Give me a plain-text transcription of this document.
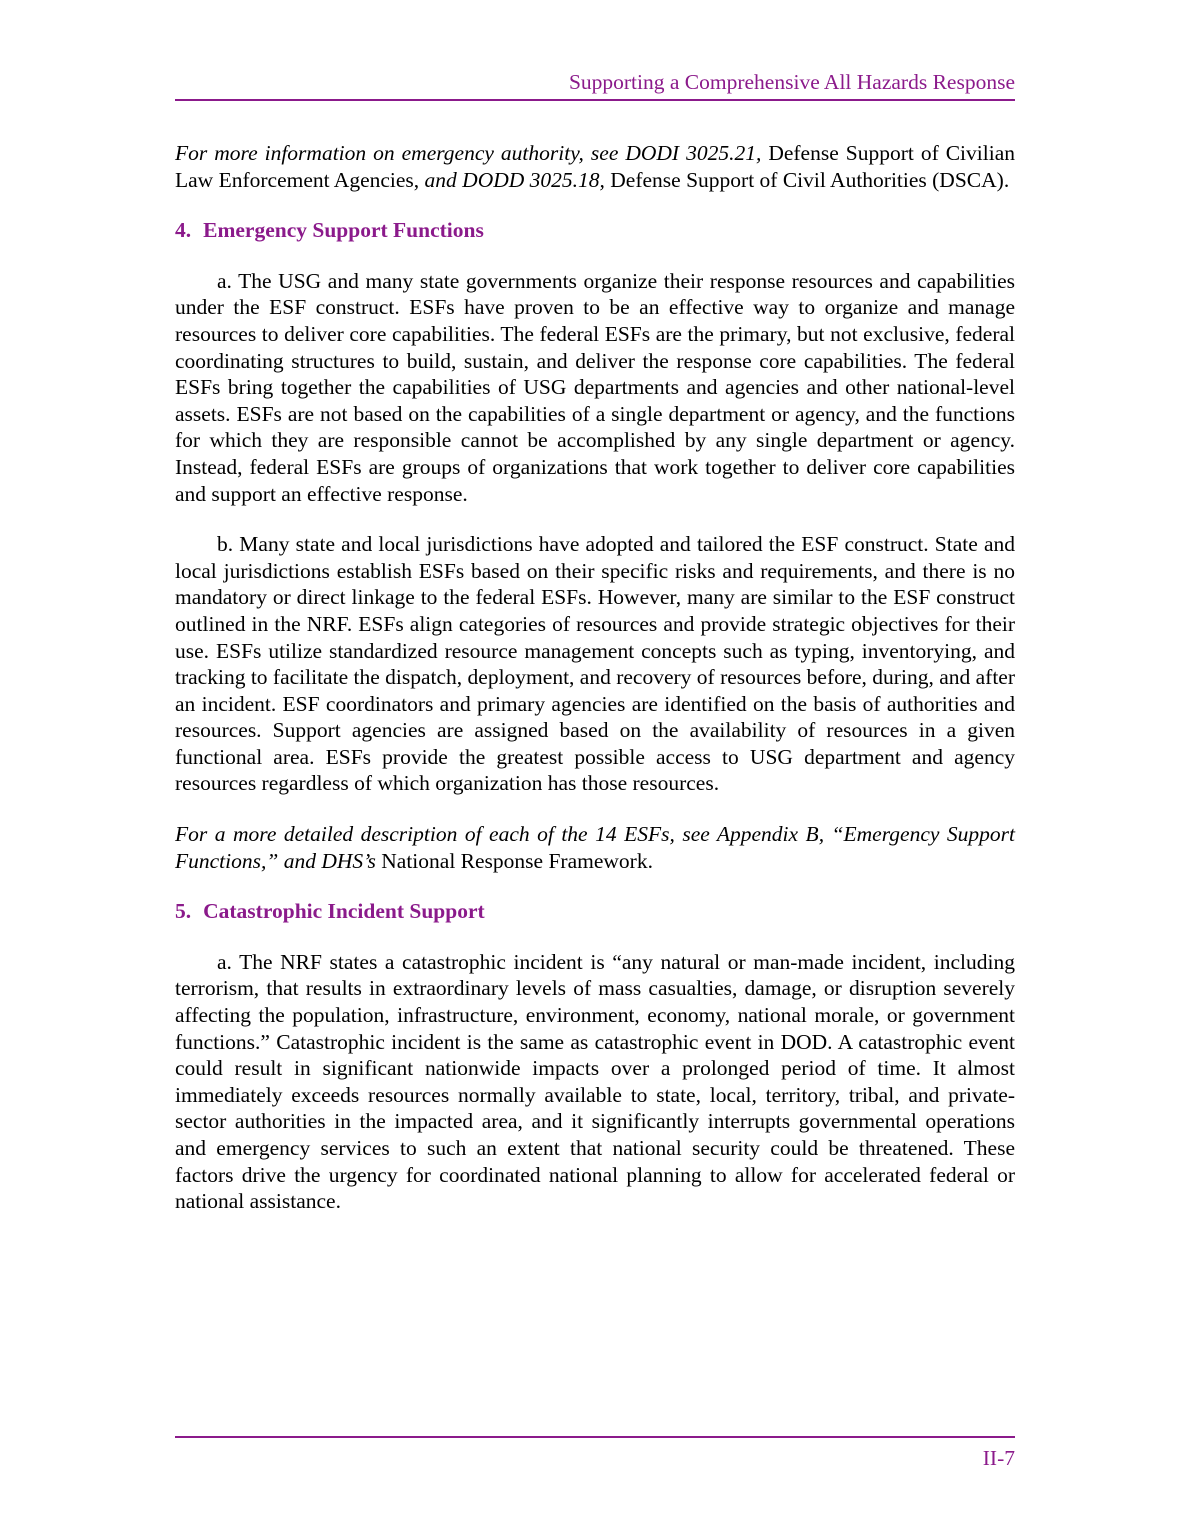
Supporting a Comprehensive All Hazards Response

For more information on emergency authority, see DODI 3025.21, Defense Support of Civilian Law Enforcement Agencies, and DODD 3025.18, Defense Support of Civil Authorities (DSCA).

4. Emergency Support Functions

a. The USG and many state governments organize their response resources and capabilities under the ESF construct. ESFs have proven to be an effective way to organize and manage resources to deliver core capabilities. The federal ESFs are the primary, but not exclusive, federal coordinating structures to build, sustain, and deliver the response core capabilities. The federal ESFs bring together the capabilities of USG departments and agencies and other national-level assets. ESFs are not based on the capabilities of a single department or agency, and the functions for which they are responsible cannot be accomplished by any single department or agency. Instead, federal ESFs are groups of organizations that work together to deliver core capabilities and support an effective response.

b. Many state and local jurisdictions have adopted and tailored the ESF construct. State and local jurisdictions establish ESFs based on their specific risks and requirements, and there is no mandatory or direct linkage to the federal ESFs. However, many are similar to the ESF construct outlined in the NRF. ESFs align categories of resources and provide strategic objectives for their use. ESFs utilize standardized resource management concepts such as typing, inventorying, and tracking to facilitate the dispatch, deployment, and recovery of resources before, during, and after an incident. ESF coordinators and primary agencies are identified on the basis of authorities and resources. Support agencies are assigned based on the availability of resources in a given functional area. ESFs provide the greatest possible access to USG department and agency resources regardless of which organization has those resources.

For a more detailed description of each of the 14 ESFs, see Appendix B, “Emergency Support Functions,” and DHS’s National Response Framework.

5. Catastrophic Incident Support

a. The NRF states a catastrophic incident is “any natural or man-made incident, including terrorism, that results in extraordinary levels of mass casualties, damage, or disruption severely affecting the population, infrastructure, environment, economy, national morale, or government functions.” Catastrophic incident is the same as catastrophic event in DOD. A catastrophic event could result in significant nationwide impacts over a prolonged period of time. It almost immediately exceeds resources normally available to state, local, territory, tribal, and private-sector authorities in the impacted area, and it significantly interrupts governmental operations and emergency services to such an extent that national security could be threatened. These factors drive the urgency for coordinated national planning to allow for accelerated federal or national assistance.

II-7
